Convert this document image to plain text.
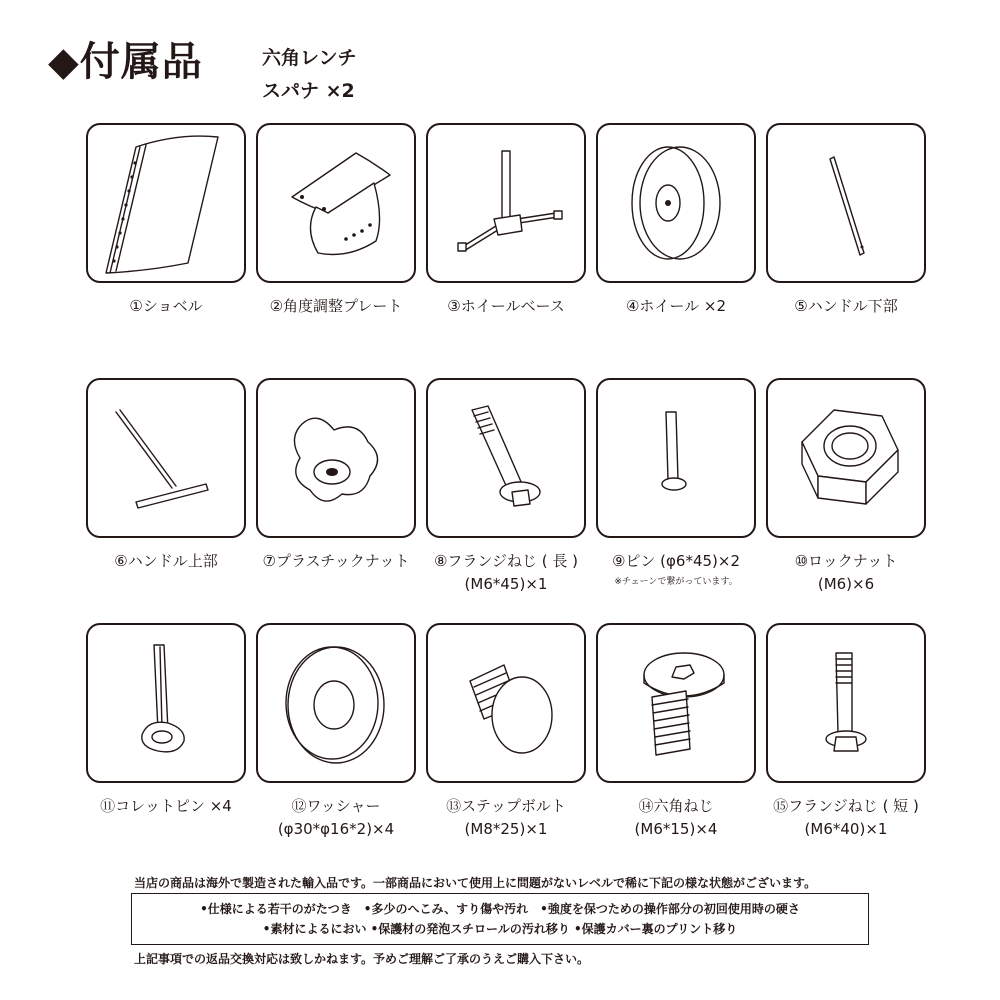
◆付属品	六角レンチ
スパナ ×2
①ショベル	②角度調整プレート	③ホイールベース	④ホイール ×2	⑤ハンドル下部
⑥ハンドル上部	⑦プラスチックナット	⑧フランジねじ ( 長 )
(M6*45)×1
⑨ピン (φ6*45)×2
※チェーンで繋がっています。
⑩ロックナット
(M6)×6
⑪コレットピン ×4	⑫ワッシャー
(φ30*φ16*2)×4
⑬ステップボルト
(M8*25)×1
⑭六角ねじ
(M6*15)×4
⑮フランジねじ ( 短 )
(M6*40)×1
当店の商品は海外で製造された輸入品です。一部商品において使用上に問題がないレベルで稀に下記の様な状態がございます。
•仕様による若干のがたつき　•多少のへこみ、すり傷や汚れ　•強度を保つための操作部分の初回使用時の硬さ
•素材によるにおい •保護材の発泡スチロールの汚れ移り •保護カバー裏のプリント移り
上記事項での返品交換対応は致しかねます。予めご理解ご了承のうえご購入下さい。
